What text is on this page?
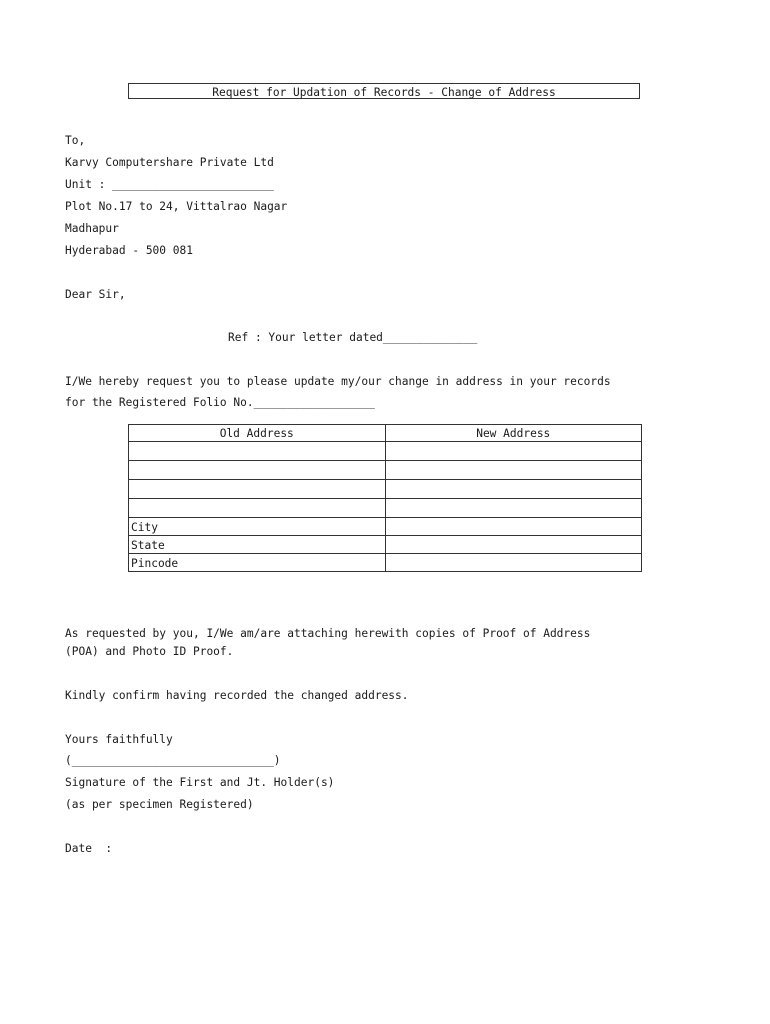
Request for Updation of Records - Change of Address
To,
Karvy Computershare Private Ltd
Unit : ________________________
Plot No.17 to 24, Vittalrao Nagar
Madhapur
Hyderabad - 500 081
Dear Sir,
Ref : Your letter dated______________
I/We hereby request you to please update my/our change in address in your records
for the Registered Folio No.__________________
Old Address	New Address

City	
State	
Pincode	
As requested by you, I/We am/are attaching herewith copies of Proof of Address
(POA) and Photo ID Proof.
Kindly confirm having recorded the changed address.
Yours faithfully
(______________________________)
Signature of the First and Jt. Holder(s)
(as per specimen Registered)
Date  :
